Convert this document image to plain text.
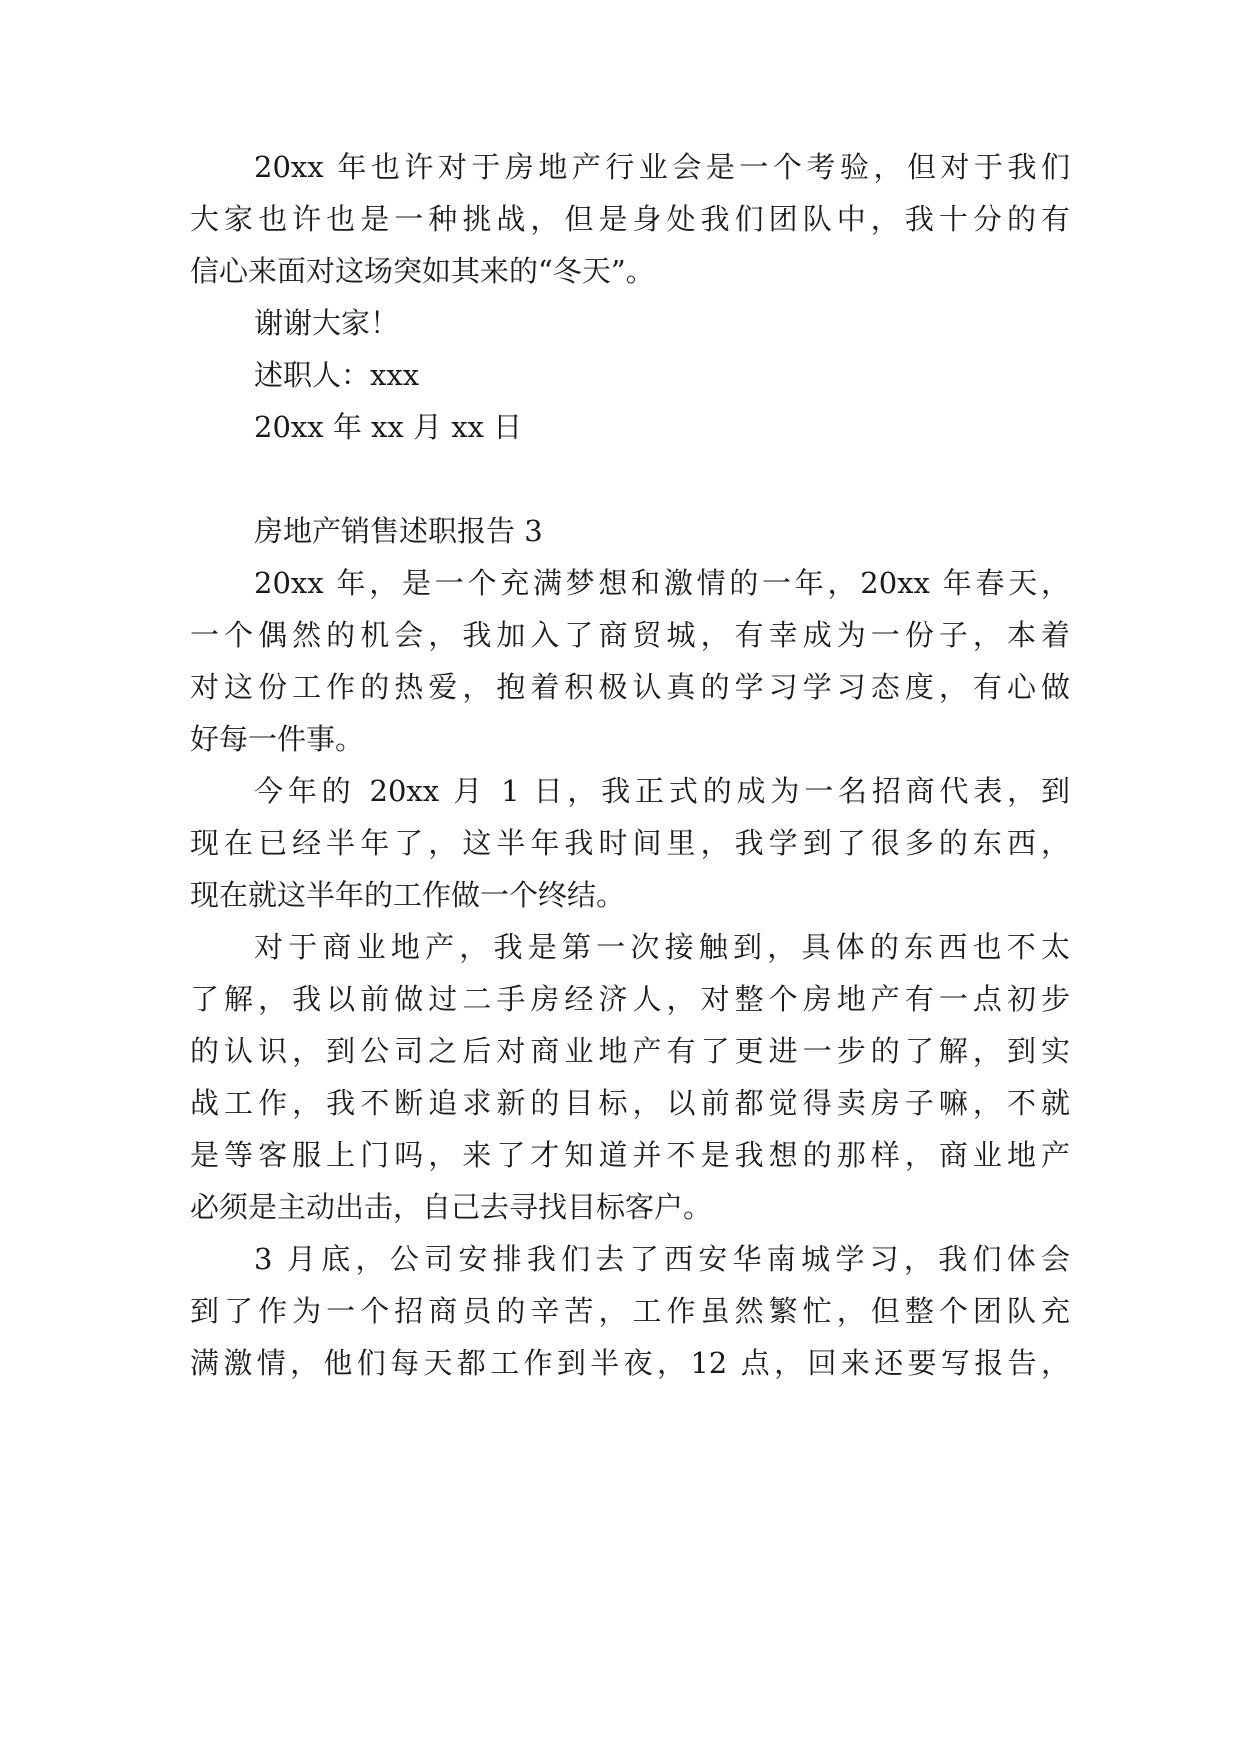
20xx 年也许对于房地产行业会是一个考验，但对于我们
大家也许也是一种挑战，但是身处我们团队中，我十分的有
信心来面对这场突如其来的“冬天”。
谢谢大家！
述职人：xxx
20xx 年 xx 月 xx 日
房地产销售述职报告 3
20xx 年，是一个充满梦想和激情的一年，20xx 年春天，
一个偶然的机会，我加入了商贸城，有幸成为一份子，本着
对这份工作的热爱，抱着积极认真的学习学习态度，有心做
好每一件事。
今年的 20xx 月 1 日，我正式的成为一名招商代表，到
现在已经半年了，这半年我时间里，我学到了很多的东西，
现在就这半年的工作做一个终结。
对于商业地产，我是第一次接触到，具体的东西也不太
了解，我以前做过二手房经济人，对整个房地产有一点初步
的认识，到公司之后对商业地产有了更进一步的了解，到实
战工作，我不断追求新的目标，以前都觉得卖房子嘛，不就
是等客服上门吗，来了才知道并不是我想的那样，商业地产
必须是主动出击，自己去寻找目标客户。
3 月底，公司安排我们去了西安华南城学习，我们体会
到了作为一个招商员的辛苦，工作虽然繁忙，但整个团队充
满激情，他们每天都工作到半夜，12 点，回来还要写报告，
